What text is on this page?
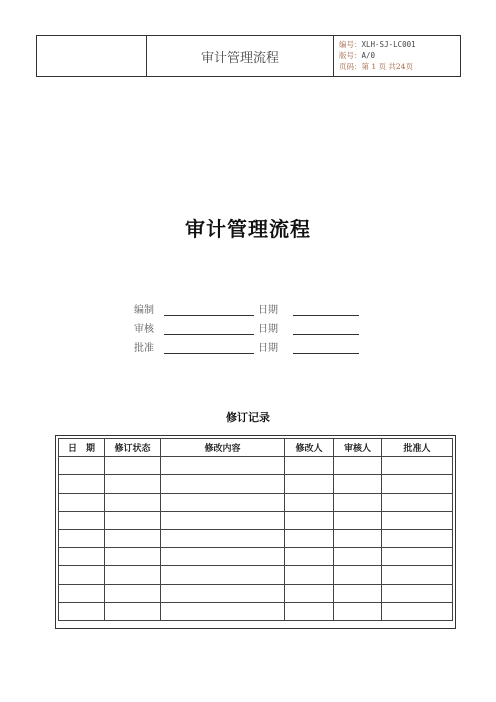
审计管理流程
编号：XLH-SJ-LC001
版号：A/0
页码：第 1 页 共24页
审计管理流程
编制	日期
审核	日期
批准	日期
修订记录
日　期	修订状态	修改内容	修改人	审核人	批准人
